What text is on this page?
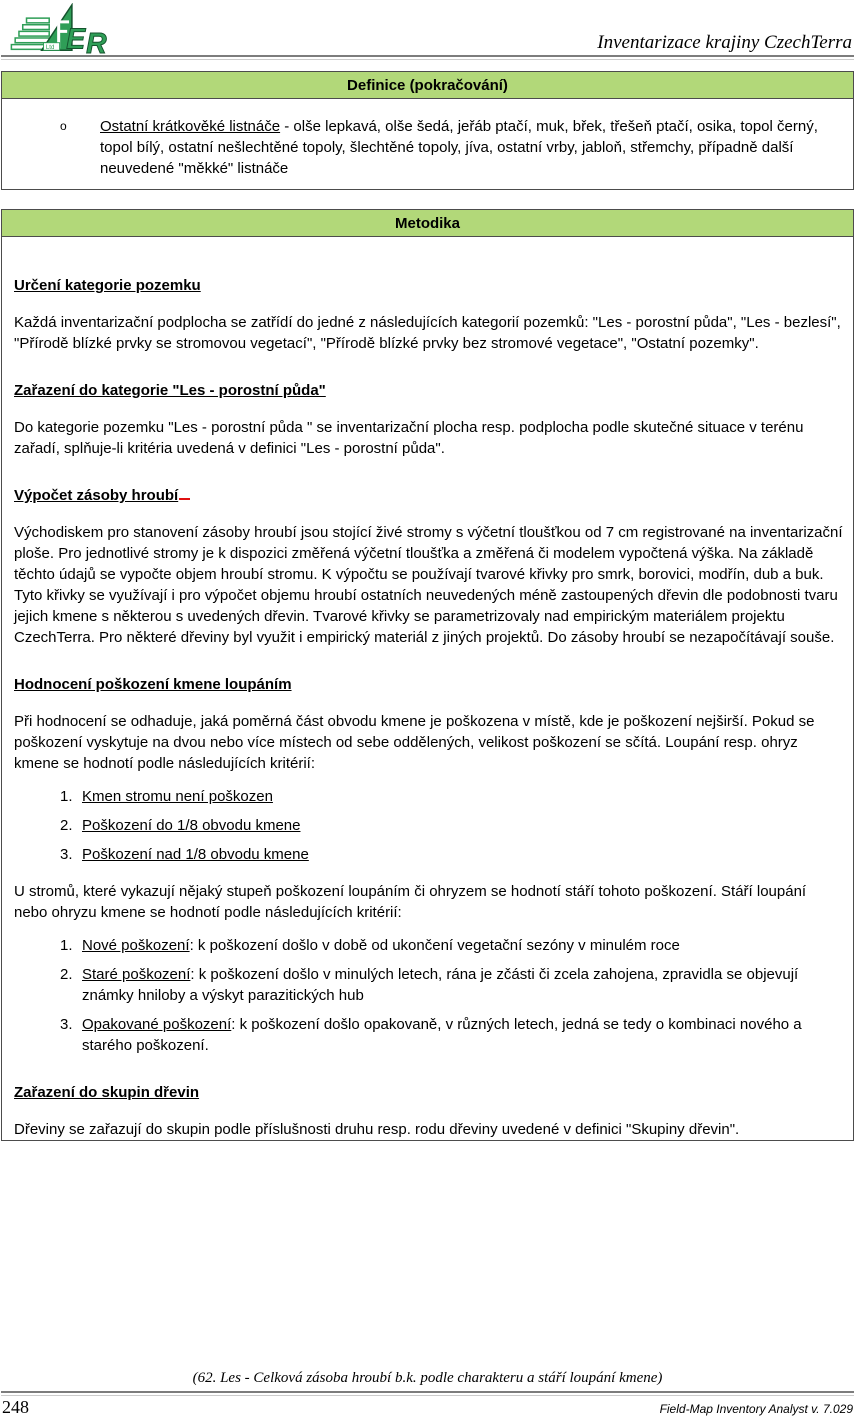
E R
Ltd	Inventarizace krajiny CzechTerra
Definice (pokračování)
o	Ostatní krátkověké listnáče - olše lepkavá, olše šedá, jeřáb ptačí, muk, břek, třešeň ptačí, osika, topol černý, topol bílý, ostatní nešlechtěné topoly, šlechtěné topoly, jíva, ostatní vrby, jabloň, střemchy, případně další neuvedené "měkké" listnáče
Metodika
Určení kategorie pozemku

Každá inventarizační podplocha se zatřídí do jedné z následujících kategorií pozemků: "Les - porostní půda", "Les - bezlesí", "Přírodě blízké prvky se stromovou vegetací", "Přírodě blízké prvky bez stromové vegetace", "Ostatní pozemky".

Zařazení do kategorie "Les - porostní půda"

Do kategorie pozemku "Les - porostní půda " se inventarizační plocha resp. podplocha podle skutečné situace v terénu zařadí, splňuje-li kritéria uvedená v definici "Les - porostní půda".

Výpočet zásoby hroubí

Východiskem pro stanovení zásoby hroubí jsou stojící živé stromy s výčetní tloušťkou od 7 cm registrované na inventarizační ploše. Pro jednotlivé stromy je k dispozici změřená výčetní tloušťka a změřená či modelem vypočtená výška. Na základě těchto údajů se vypočte objem hroubí stromu. K výpočtu se používají tvarové křivky pro smrk, borovici, modřín, dub a buk. Tyto křivky se využívají i pro výpočet objemu hroubí ostatních neuvedených méně zastoupených dřevin dle podobnosti tvaru jejich kmene s některou s uvedených dřevin. Tvarové křivky se parametrizovaly nad empirickým materiálem projektu CzechTerra. Pro některé dřeviny byl využit i empirický materiál z jiných projektů. Do zásoby hroubí se nezapočítávají souše.

Hodnocení poškození kmene loupáním

Při hodnocení se odhaduje, jaká poměrná část obvodu kmene je poškozena v místě, kde je poškození nejširší. Pokud se poškození vyskytuje na dvou nebo více místech od sebe oddělených, velikost poškození se sčítá. Loupání resp. ohryz kmene se hodnotí podle následujících kritérií:

1. Kmen stromu není poškozen
2. Poškození do 1/8 obvodu kmene
3. Poškození nad 1/8 obvodu kmene

U stromů, které vykazují nějaký stupeň poškození loupáním či ohryzem se hodnotí stáří tohoto poškození. Stáří loupání nebo ohryzu kmene se hodnotí podle následujících kritérií:

1. Nové poškození: k poškození došlo v době od ukončení vegetační sezóny v minulém roce
2. Staré poškození: k poškození došlo v minulých letech, rána je zčásti či zcela zahojena, zpravidla se objevují známky hniloby a výskyt parazitických hub
3. Opakované poškození: k poškození došlo opakovaně, v různých letech, jedná se tedy o kombinaci nového a starého poškození.
Zařazení do skupin dřevin

Dřeviny se zařazují do skupin podle příslušnosti druhu resp. rodu dřeviny uvedené v definici "Skupiny dřevin".

(62. Les - Celková zásoba hroubí b.k. podle charakteru a stáří loupání kmene)
248	Field-Map Inventory Analyst v. 7.029
